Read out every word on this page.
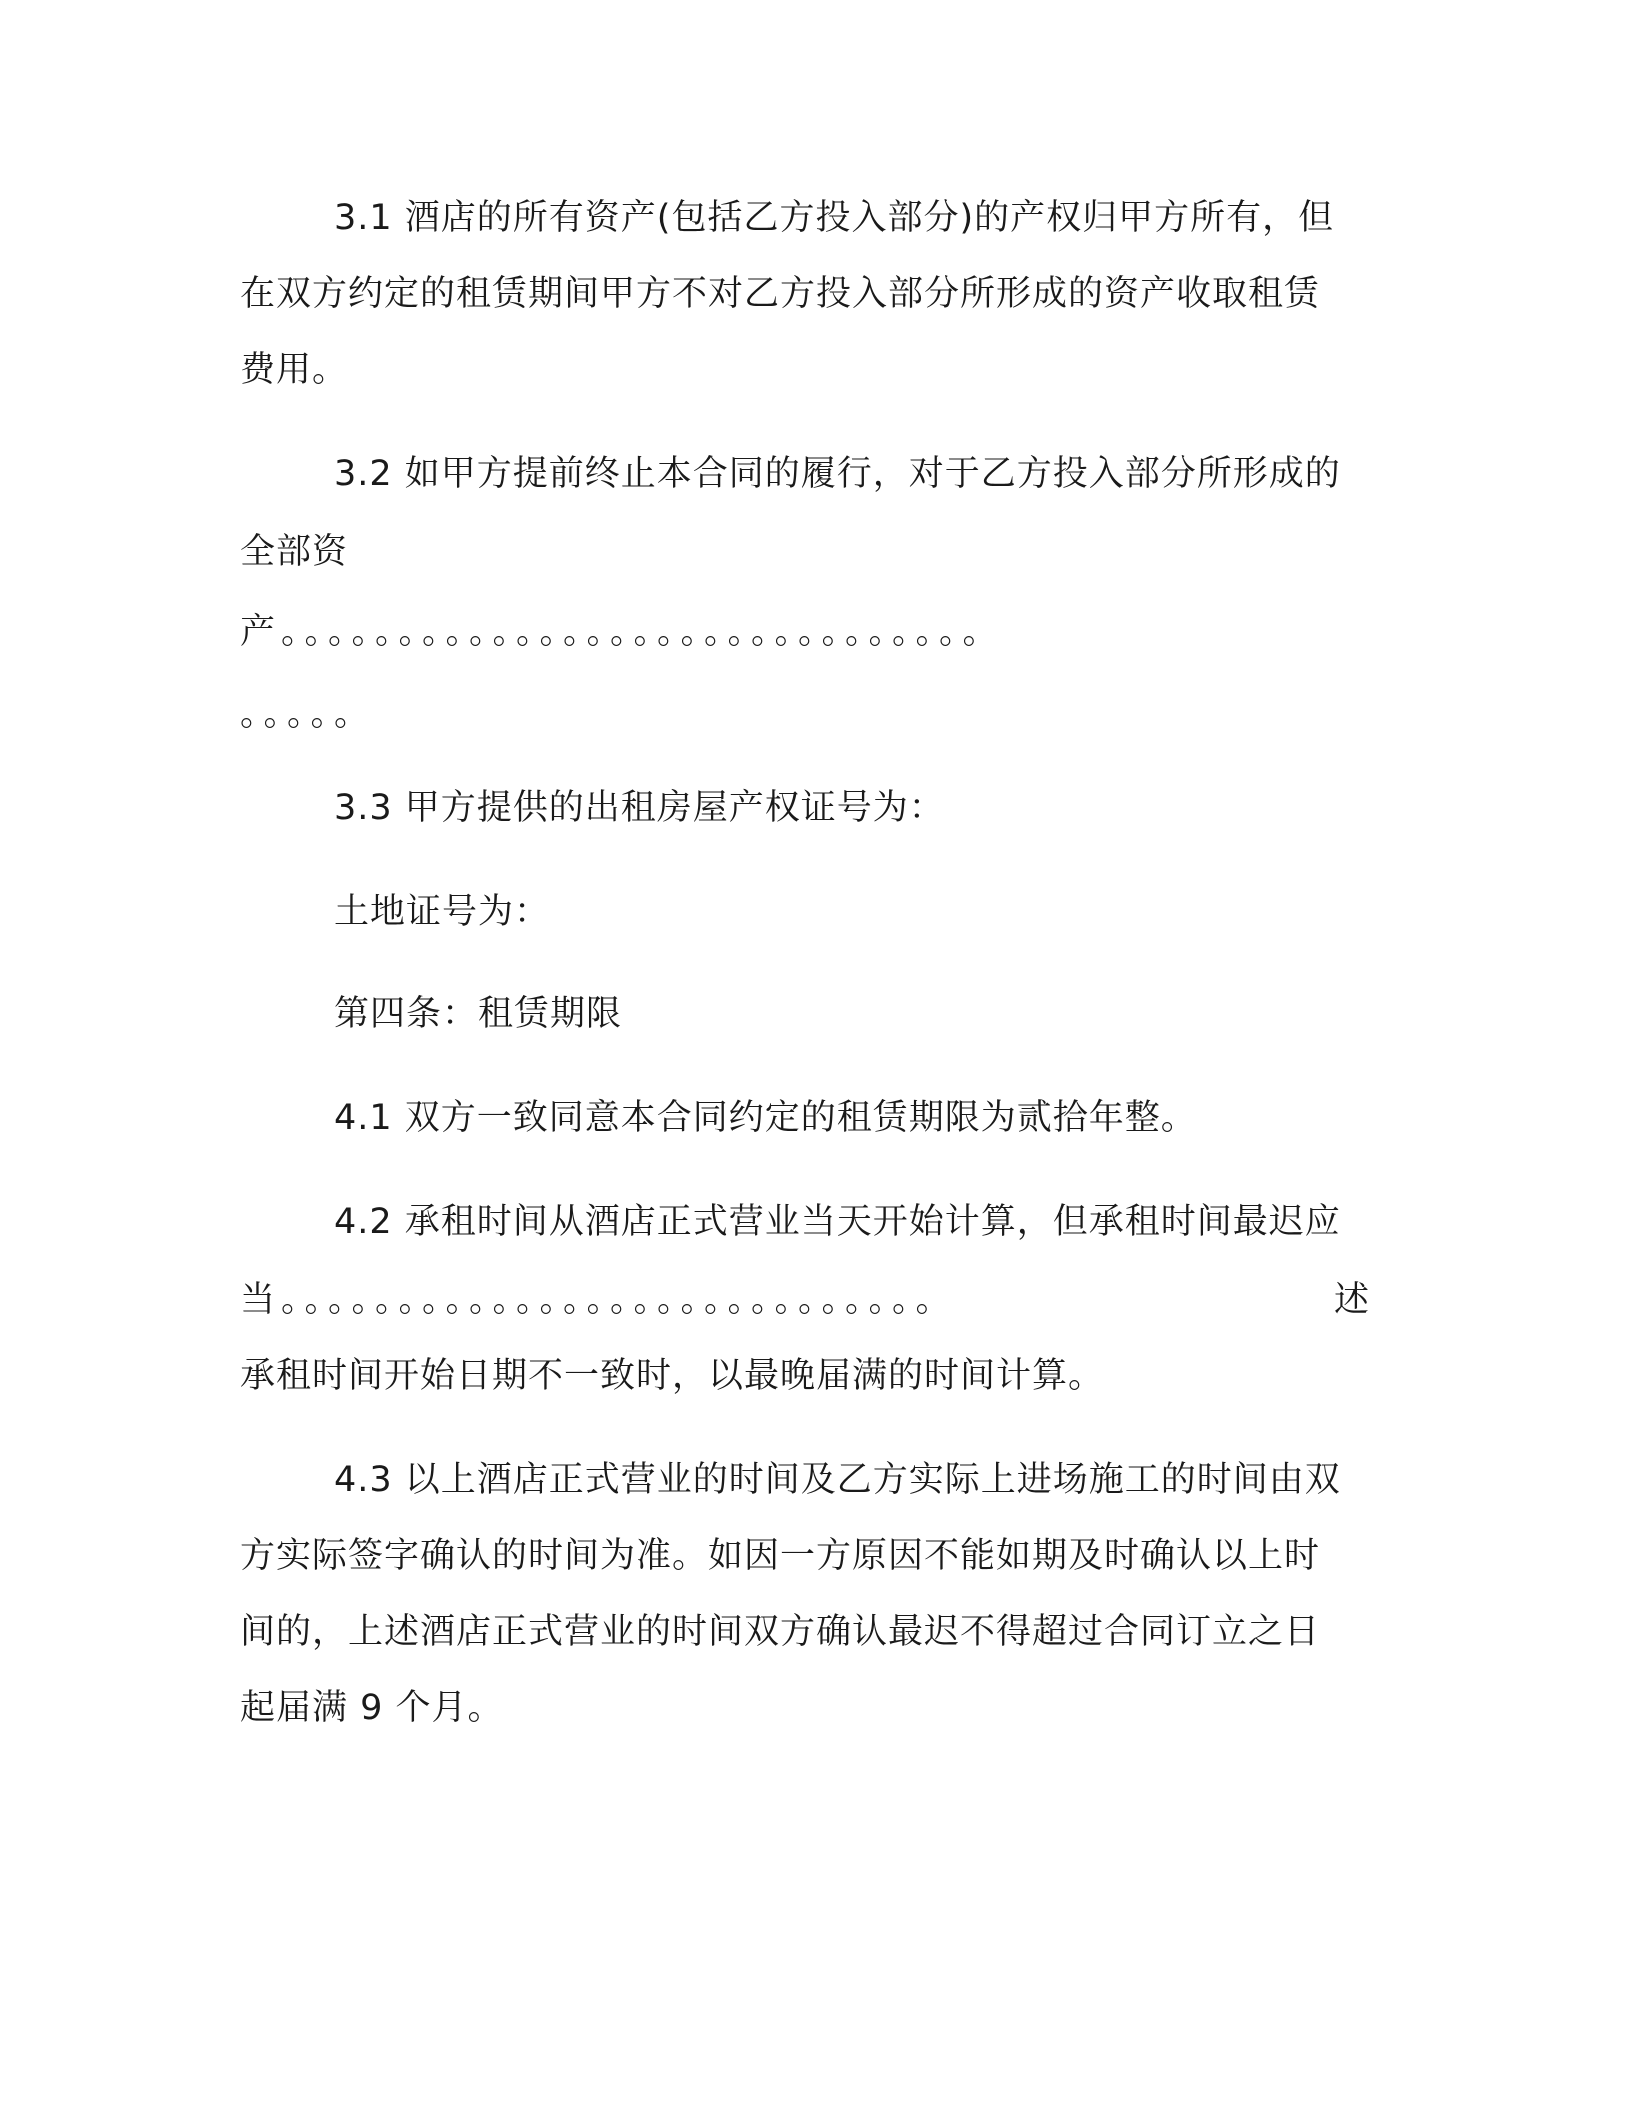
3.1 酒店的所有资产(包括乙方投入部分)的产权归甲方所有，但
在双方约定的租赁期间甲方不对乙方投入部分所形成的资产收取租赁
费用。
3.2 如甲方提前终止本合同的履行，对于乙方投入部分所形成的
全部资
产。。。。。。。。。。。。。。。。。。。。。。。。。。。。。。
。。。。。
3.3 甲方提供的出租房屋产权证号为：
土地证号为：
第四条：租赁期限
4.1 双方一致同意本合同约定的租赁期限为贰拾年整。
4.2 承租时间从酒店正式营业当天开始计算，但承租时间最迟应
当。。。。。。。。。。。。。。。。。。。。。。。。。。。。	述
承租时间开始日期不一致时，以最晚届满的时间计算。
4.3 以上酒店正式营业的时间及乙方实际上进场施工的时间由双
方实际签字确认的时间为准。如因一方原因不能如期及时确认以上时
间的，上述酒店正式营业的时间双方确认最迟不得超过合同订立之日
起届满 9 个月。
